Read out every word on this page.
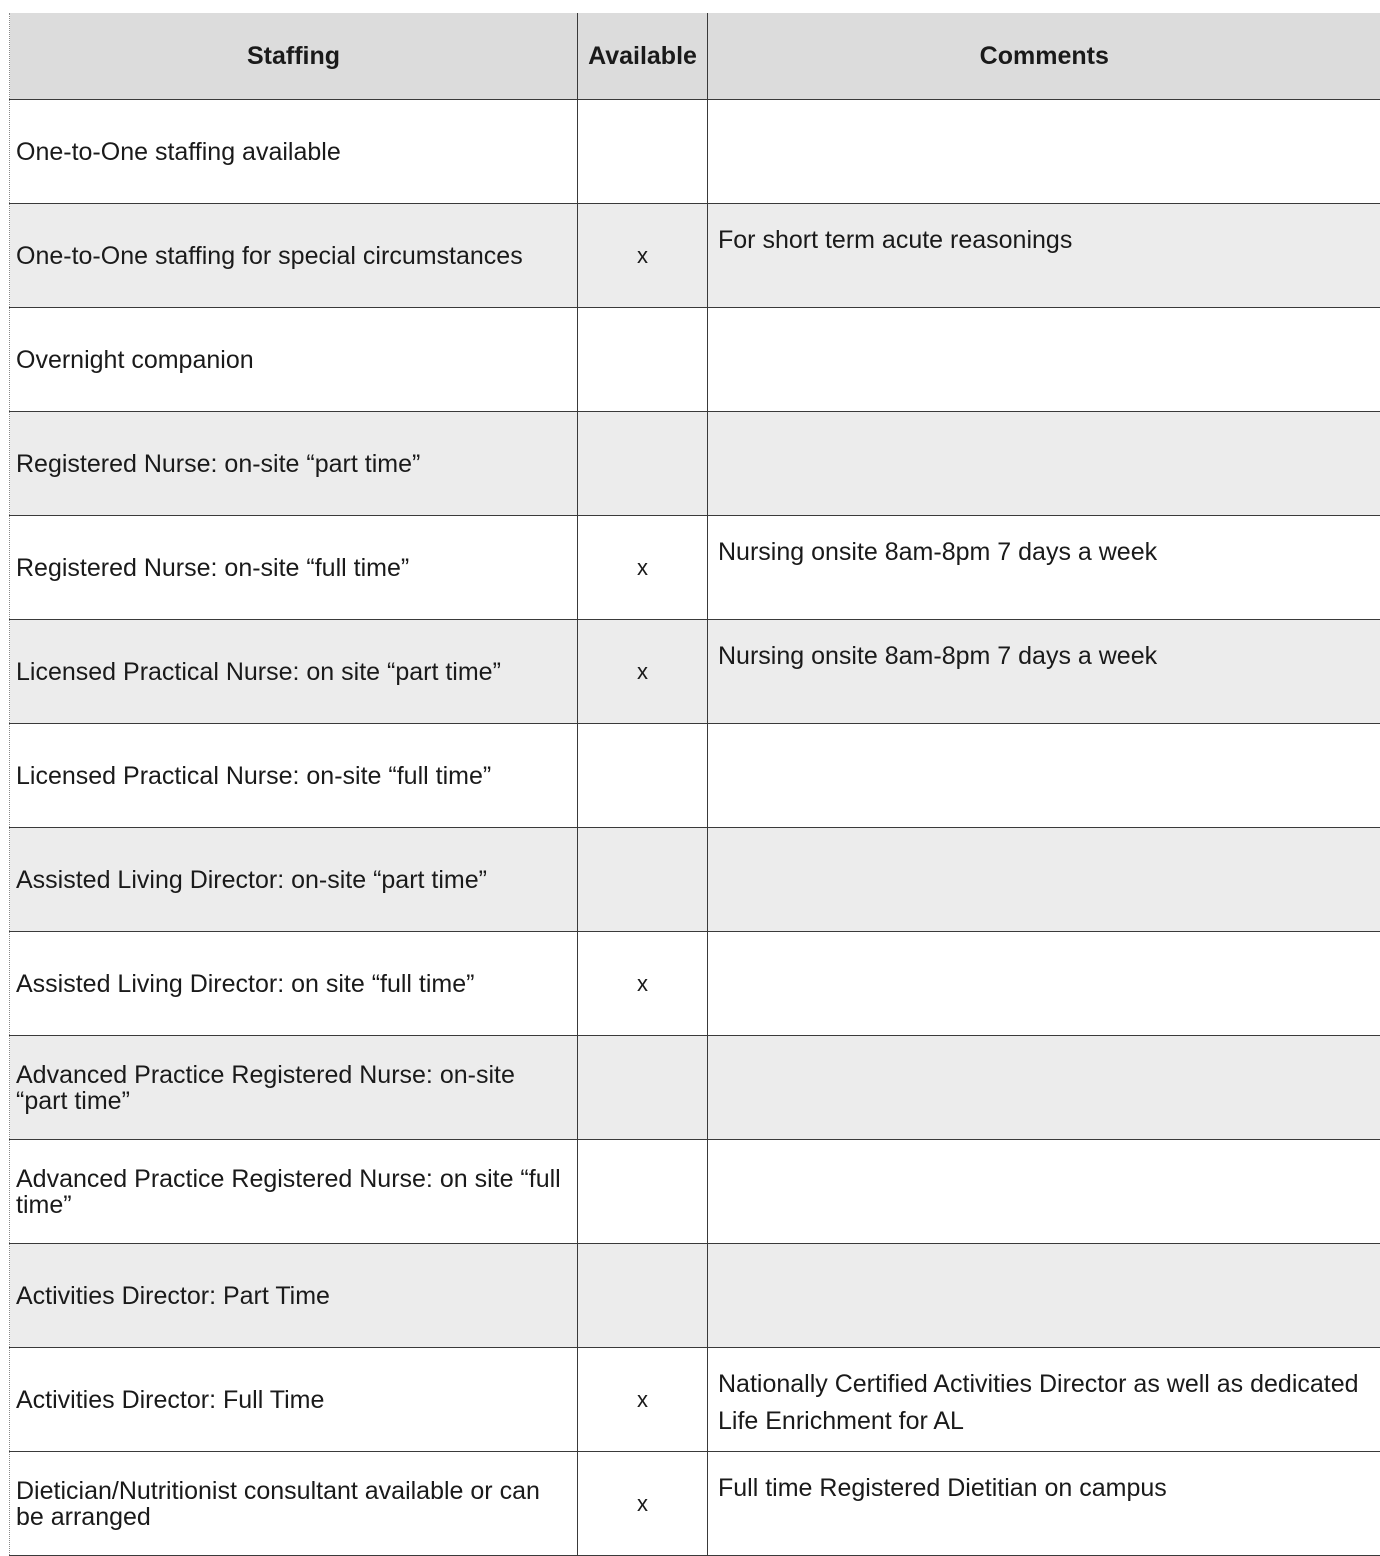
Staffing	Available	Comments
One-to-One staffing available		
One-to-One staffing for special circumstances	x	For short term acute reasonings
Overnight companion		
Registered Nurse: on-site “part time”		
Registered Nurse: on-site “full time”	x	Nursing onsite 8am-8pm 7 days a week
Licensed Practical Nurse: on site “part time”	x	Nursing onsite 8am-8pm 7 days a week
Licensed Practical Nurse: on-site “full time”		
Assisted Living Director: on-site “part time”		
Assisted Living Director: on site “full time”	x	
Advanced Practice Registered Nurse: on-site “part time”		
Advanced Practice Registered Nurse: on site “full time”		
Activities Director: Part Time		
Activities Director: Full Time	x	Nationally Certified Activities Director as well as dedicated Life Enrichment for AL
Dietician/Nutritionist consultant available or can be arranged	x	Full time Registered Dietitian on campus
